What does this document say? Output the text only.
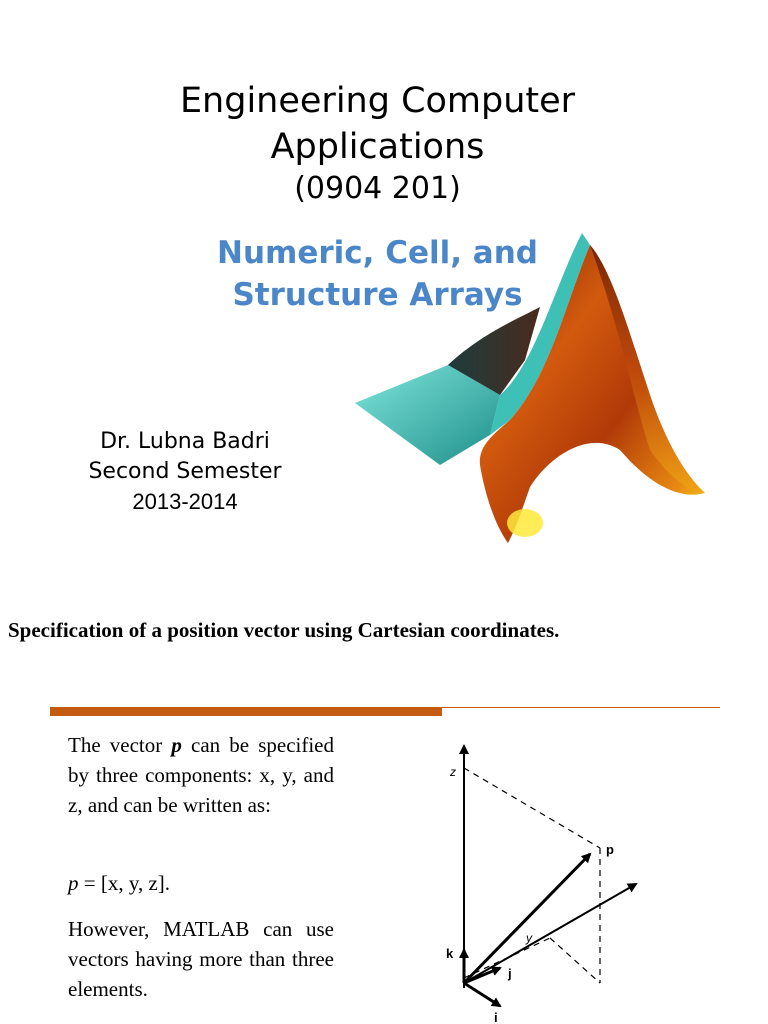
Engineering Computer
Applications
(0904 201)
Numeric, Cell, and
Structure Arrays
Dr. Lubna Badri
Second Semester
2013-2014
Specification of a position vector using Cartesian coordinates.
The vector p can be specified by three components: x, y, and z, and can be written as:
p = [x, y, z].
However, MATLAB can use vectors having more than three elements.
z
p
y
k
j
i
